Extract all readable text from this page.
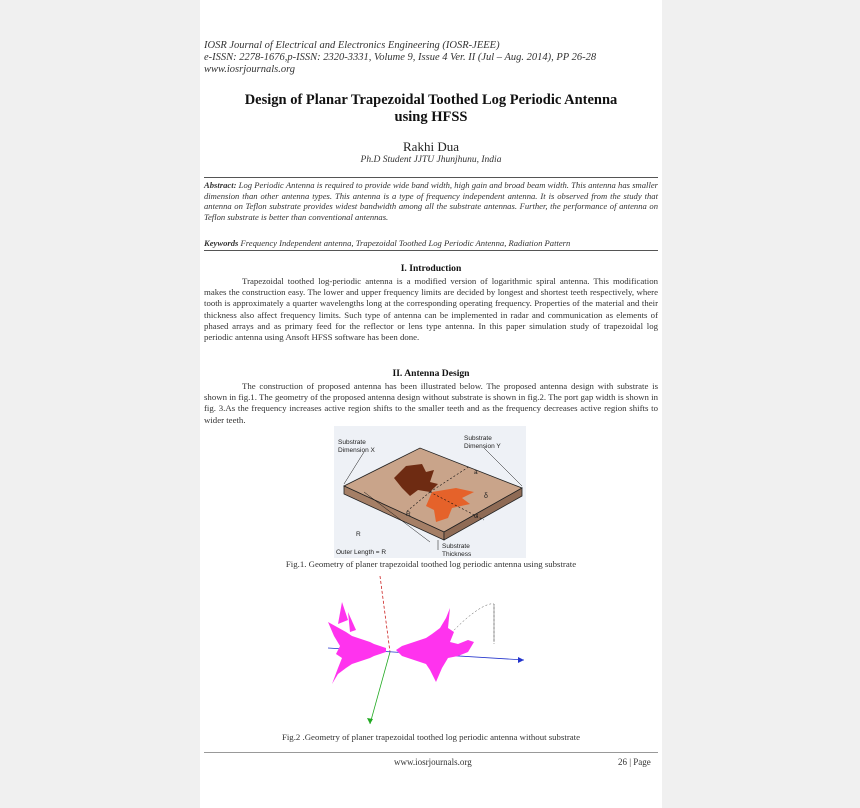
IOSR Journal of Electrical and Electronics Engineering (IOSR-JEEE)
e-ISSN: 2278-1676,p-ISSN: 2320-3331, Volume 9, Issue 4 Ver. II (Jul – Aug. 2014), PP 26-28
www.iosrjournals.org
Design of Planar Trapezoidal Toothed Log Periodic Antenna
using HFSS
Rakhi Dua
Ph.D Student JJTU Jhunjhunu, India
Abstract: Log Periodic Antenna is required to provide wide band width, high gain and broad beam width. This antenna has smaller dimension than other antenna types. This antenna is a type of frequency independent antenna. It is observed from the study that antenna on Teflon substrate provides widest bandwidth among all the substrate antennas. Further, the performance of antenna on Teflon substrate is better than conventional antennas.
Keywords Frequency Independent antenna, Trapezoidal Toothed Log Periodic Antenna, Radiation Pattern
I. Introduction

Trapezoidal toothed log-periodic antenna is a modified version of logarithmic spiral antenna. This modification makes the construction easy. The lower and upper frequency limits are decided by longest and shortest teeth respectively, where tooth is approximately a quarter wavelengths long at the corresponding operating frequency. Properties of the material and their thickness also affect frequency limits. Such type of antenna can be implemented in radar and communication as elements of phased arrays and as primary feed for the reflector or lens type antenna. In this paper simulation study of trapezoidal log periodic antenna using Ansoft HFSS software has been done.

II. Antenna Design

The construction of proposed antenna has been illustrated below. The proposed antenna design with substrate is shown in fig.1. The geometry of the proposed antenna design without substrate is shown in fig.2. The port gap width is shown in fig. 3.As the frequency increases active region shifts to the smaller teeth and as the frequency decreases active region shifts to wider teeth.

Substrate
Dimension X
Substrate
Dimension Y
a
R
R
δ
α
Substrate
Thickness
Outer Length = R
Fig.1. Geometry of planer trapezoidal toothed log periodic antenna using substrate
Fig.2 .Geometry of planer trapezoidal toothed log periodic antenna without substrate
www.iosrjournals.org	26 | Page
